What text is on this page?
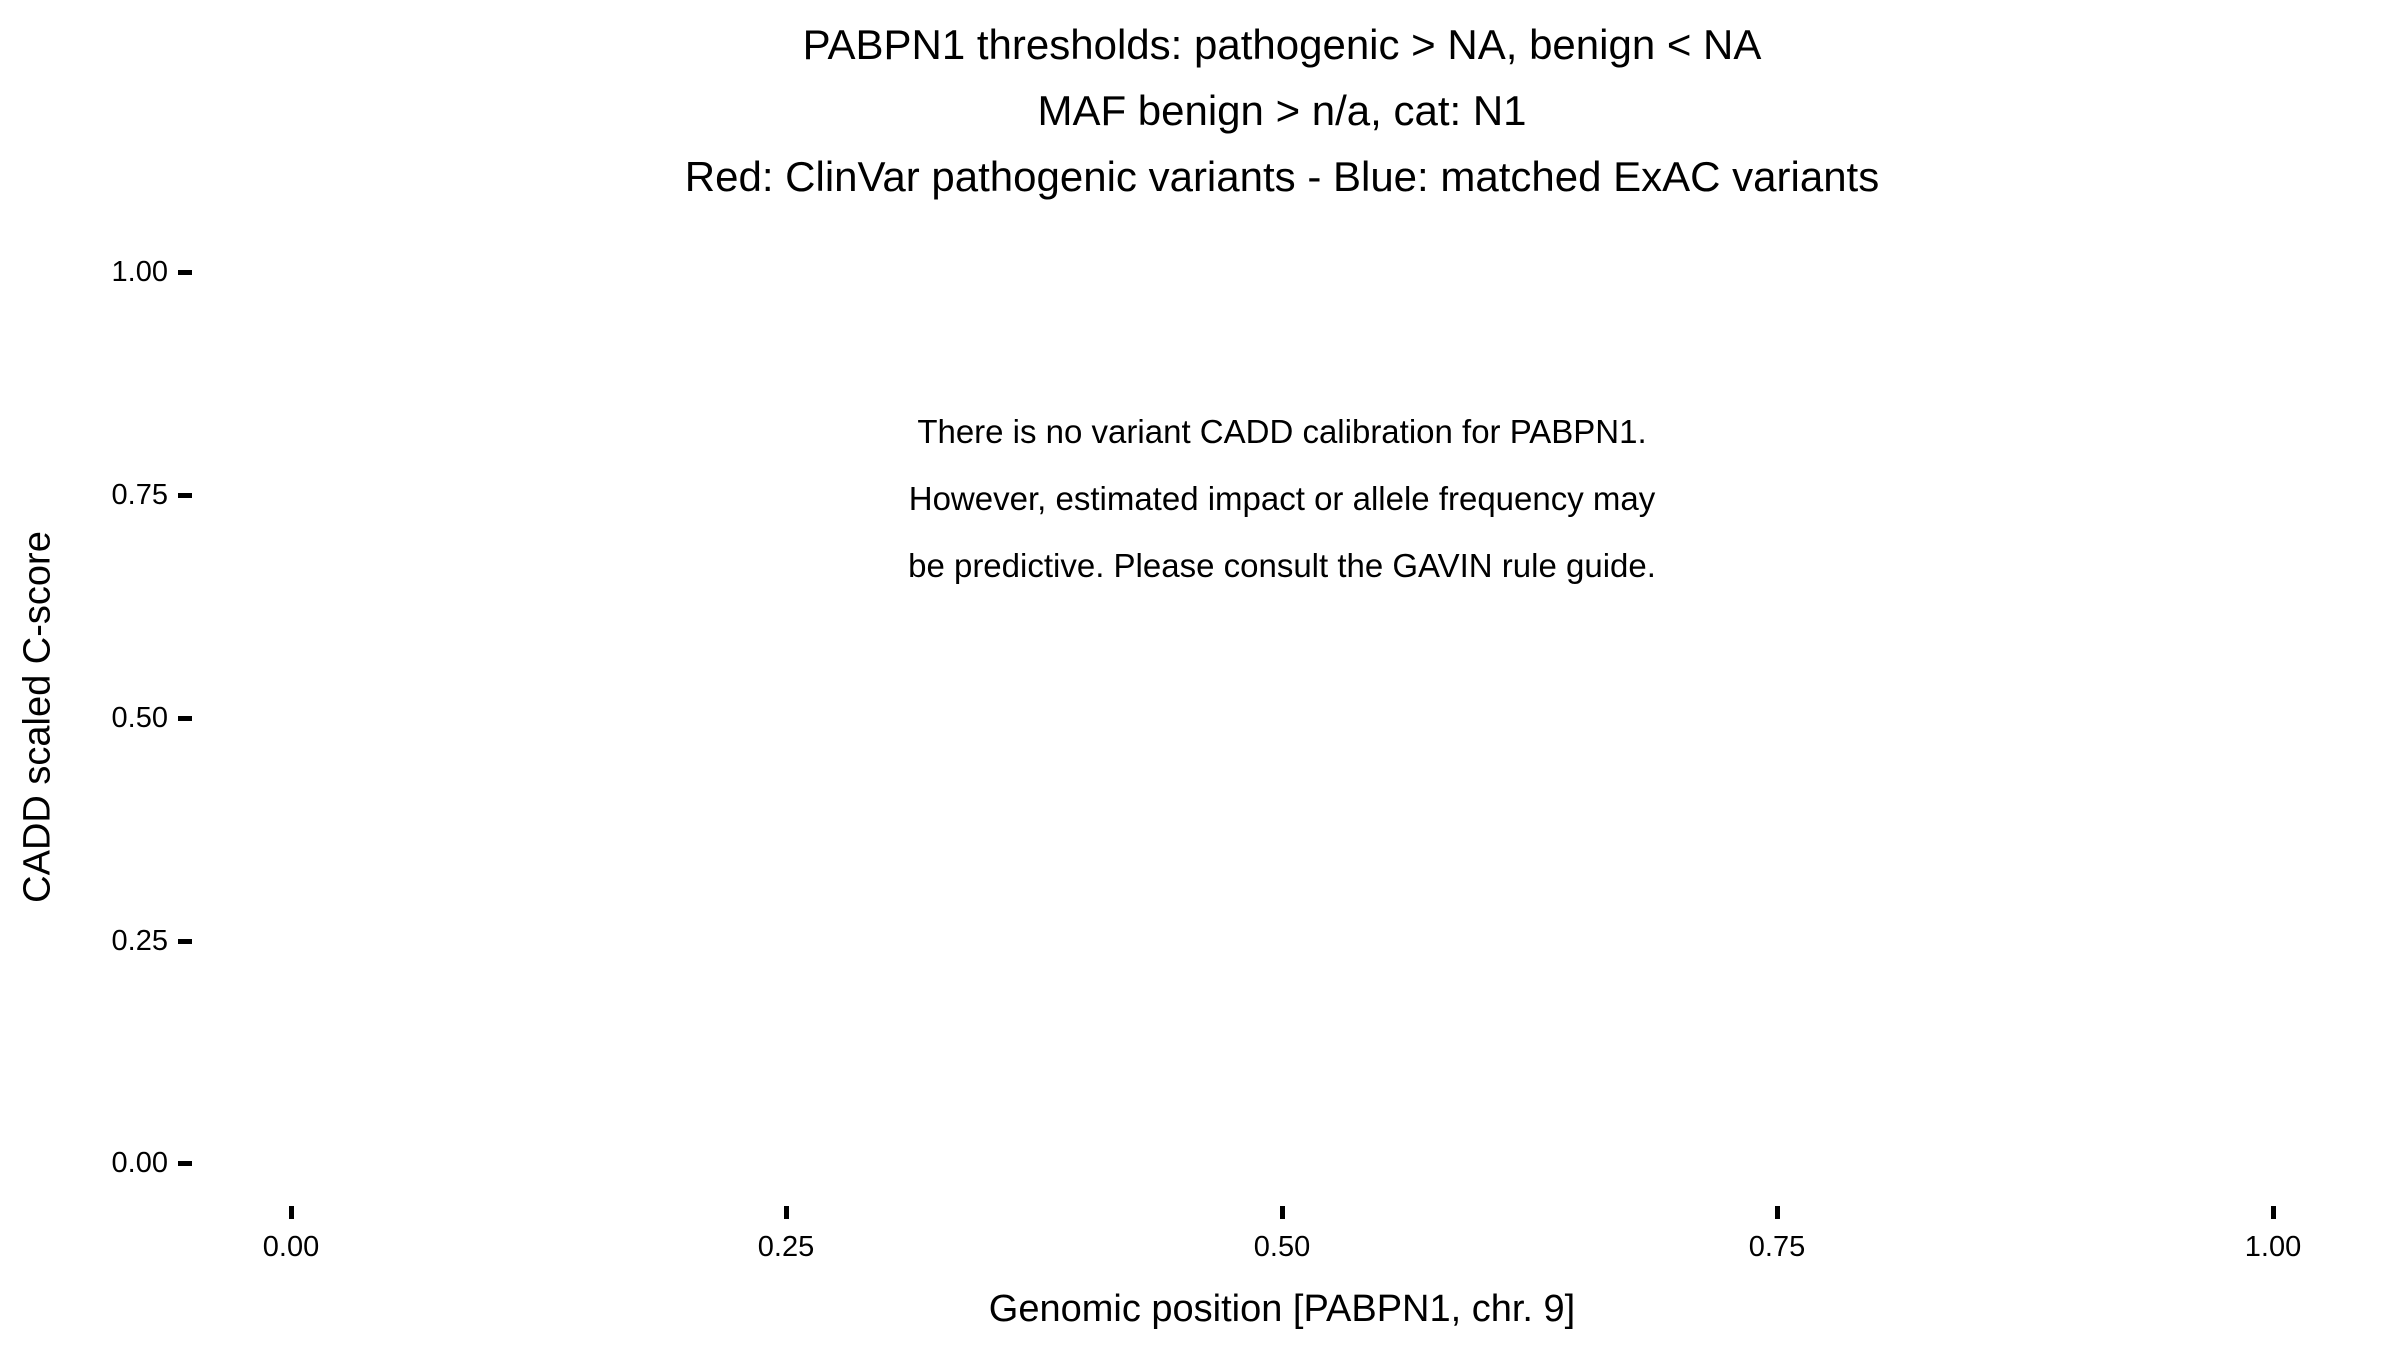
PABPN1 thresholds: pathogenic > NA, benign < NA
MAF benign > n/a, cat: N1
Red: ClinVar pathogenic variants - Blue: matched ExAC variants
There is no variant CADD calibration for PABPN1.
However, estimated impact or allele frequency may
be predictive. Please consult the GAVIN rule guide.
CADD scaled C-score
1.00
0.75
0.50
0.25
0.00
0.00	0.25	0.50	0.75	1.00
Genomic position [PABPN1, chr. 9]
